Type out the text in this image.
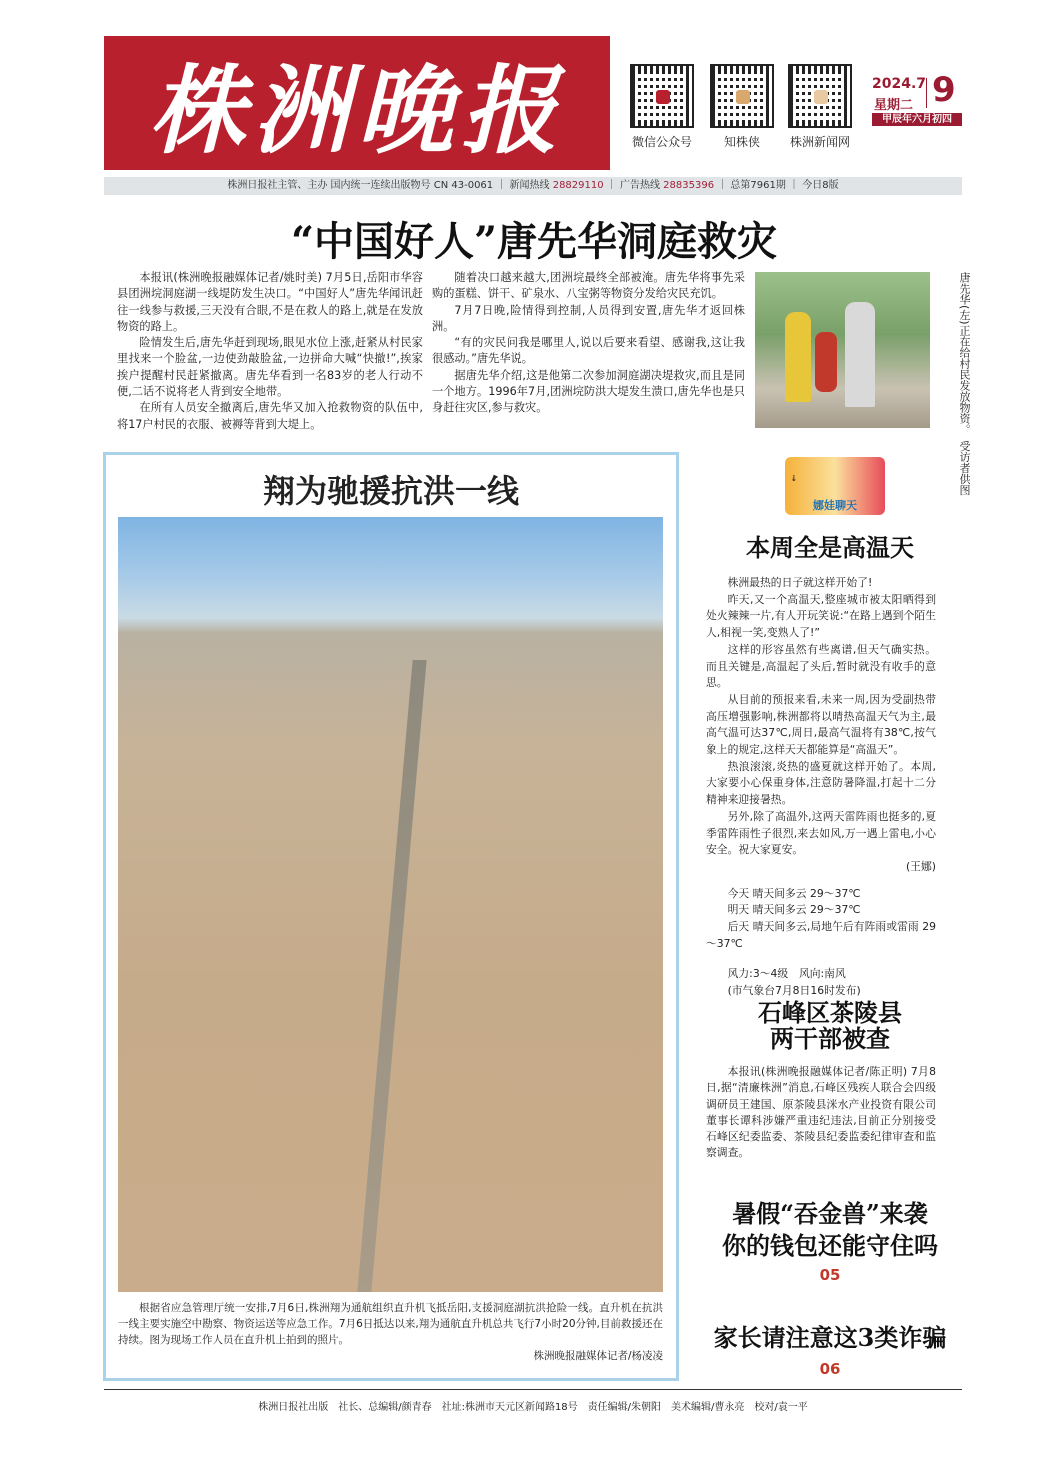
株洲晚报	微信公众号	知株侠	株洲新闻网
2024.7
星期二 9
甲辰年六月初四
株洲日报社主管、主办 国内统一连续出版物号 CN 43-0061 ｜ 新闻热线 28829110 ｜ 广告热线 28835396 ｜ 总第7961期 ｜ 今日8版
“中国好人”唐先华洞庭救灾

本报讯(株洲晚报融媒体记者/姚时美) 7月5日,岳阳市华容县团洲垸洞庭湖一线堤防发生决口。“中国好人”唐先华闻讯赶往一线参与救援,三天没有合眼,不是在救人的路上,就是在发放物资的路上。

险情发生后,唐先华赶到现场,眼见水位上涨,赶紧从村民家里找来一个脸盆,一边使劲敲脸盆,一边拼命大喊“快撤!”,挨家挨户提醒村民赶紧撤离。唐先华看到一名83岁的老人行动不便,二话不说将老人背到安全地带。

在所有人员安全撤离后,唐先华又加入抢救物资的队伍中,将17户村民的衣服、被褥等背到大堤上。

随着决口越来越大,团洲垸最终全部被淹。唐先华将事先采购的蛋糕、饼干、矿泉水、八宝粥等物资分发给灾民充饥。

7月7日晚,险情得到控制,人员得到安置,唐先华才返回株洲。

“有的灾民问我是哪里人,说以后要来看望、感谢我,这让我很感动。”唐先华说。

据唐先华介绍,这是他第二次参加洞庭湖决堤救灾,而且是同一个地方。1996年7月,团洲垸防洪大堤发生溃口,唐先华也是只身赶往灾区,参与救灾。	唐先华(左)正在给村民发放物资。　受访者供图
翔为驰援抗洪一线

根据省应急管理厅统一安排,7月6日,株洲翔为通航组织直升机飞抵岳阳,支援洞庭湖抗洪抢险一线。直升机在抗洪一线主要实施空中勘察、物资运送等应急工作。7月6日抵达以来,翔为通航直升机总共飞行7小时20分钟,目前救援还在持续。图为现场工作人员在直升机上拍到的照片。

株洲晚报融媒体记者/杨凌凌
🌡
娜娃聊天
本周全是高温天

株洲最热的日子就这样开始了!

昨天,又一个高温天,整座城市被太阳晒得到处火辣辣一片,有人开玩笑说:“在路上遇到个陌生人,相视一笑,变熟人了!”

这样的形容虽然有些离谱,但天气确实热。而且关键是,高温起了头后,暂时就没有收手的意思。

从目前的预报来看,未来一周,因为受副热带高压增强影响,株洲都将以晴热高温天气为主,最高气温可达37℃,周日,最高气温将有38℃,按气象上的规定,这样天天都能算是“高温天”。

热浪滚滚,炎热的盛夏就这样开始了。本周,大家要小心保重身体,注意防暑降温,打起十二分精神来迎接暑热。

另外,除了高温外,这两天雷阵雨也挺多的,夏季雷阵雨性子很烈,来去如风,万一遇上雷电,小心安全。祝大家夏安。

(王娜)

今天 晴天间多云 29～37℃

明天 晴天间多云 29～37℃

后天 晴天间多云,局地午后有阵雨或雷雨 29～37℃

风力:3～4级　风向:南风

(市气象台7月8日16时发布)

石峰区茶陵县
两干部被查

本报讯(株洲晚报融媒体记者/陈正明) 7月8日,据“清廉株洲”消息,石峰区残疾人联合会四级调研员王建国、原茶陵县洣水产业投资有限公司董事长谭科涉嫌严重违纪违法,目前正分别接受石峰区纪委监委、茶陵县纪委监委纪律审查和监察调查。

暑假“吞金兽”来袭
你的钱包还能守住吗
05
家长请注意这3类诈骗
06
株洲日报社出版　社长、总编辑/颜青春　社址:株洲市天元区新闻路18号　责任编辑/朱朝阳　美术编辑/曹永亮　校对/袁一平
